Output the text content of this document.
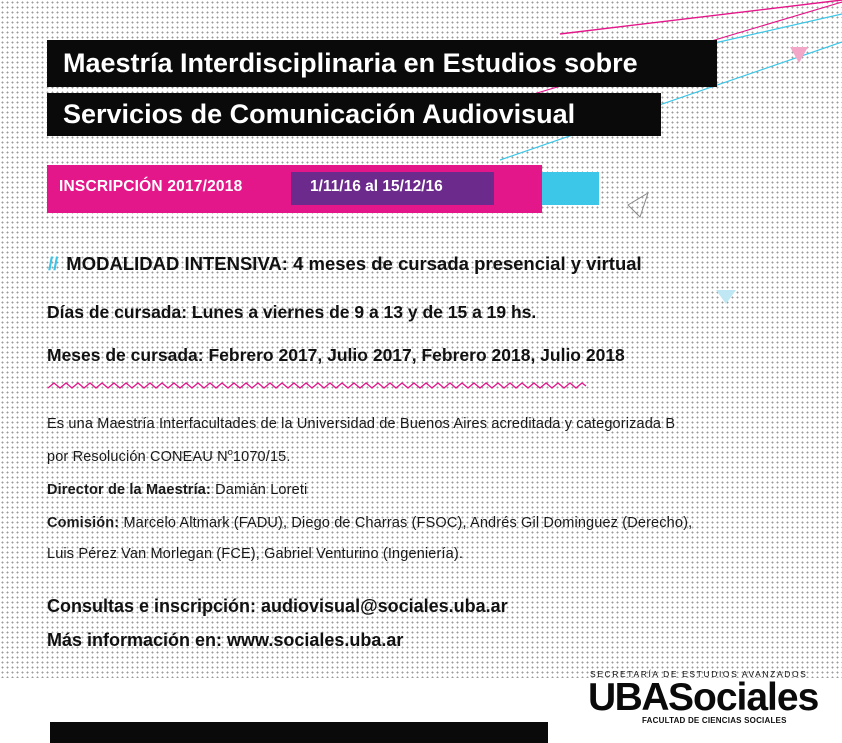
Maestría Interdisciplinaria en Estudios sobre
Servicios de Comunicación Audiovisual
INSCRIPCIÓN 2017/2018	1/11/16 al 15/12/16
// MODALIDAD INTENSIVA: 4 meses de cursada presencial y virtual
Días de cursada: Lunes a viernes de 9 a 13 y de 15 a 19 hs.
Meses de cursada: Febrero 2017, Julio 2017, Febrero 2018, Julio 2018
Es una Maestría Interfacultades de la Universidad de Buenos Aires acreditada y categorizada B
por Resolución CONEAU $N^o1070/15$.
Director de la Maestría: Damián Loreti
Comisión: Marcelo Altmark (FADU), Diego de Charras (FSOC), Andrés Gil Dominguez (Derecho),
Luis Pérez Van Morlegan (FCE), Gabriel Venturino (Ingeniería).
Consultas e inscripción: audiovisual@sociales.uba.ar
Más información en: www.sociales.uba.ar
SECRETARÍA DE ESTUDIOS AVANZADOS
UBASociales
FACULTAD DE CIENCIAS SOCIALES
